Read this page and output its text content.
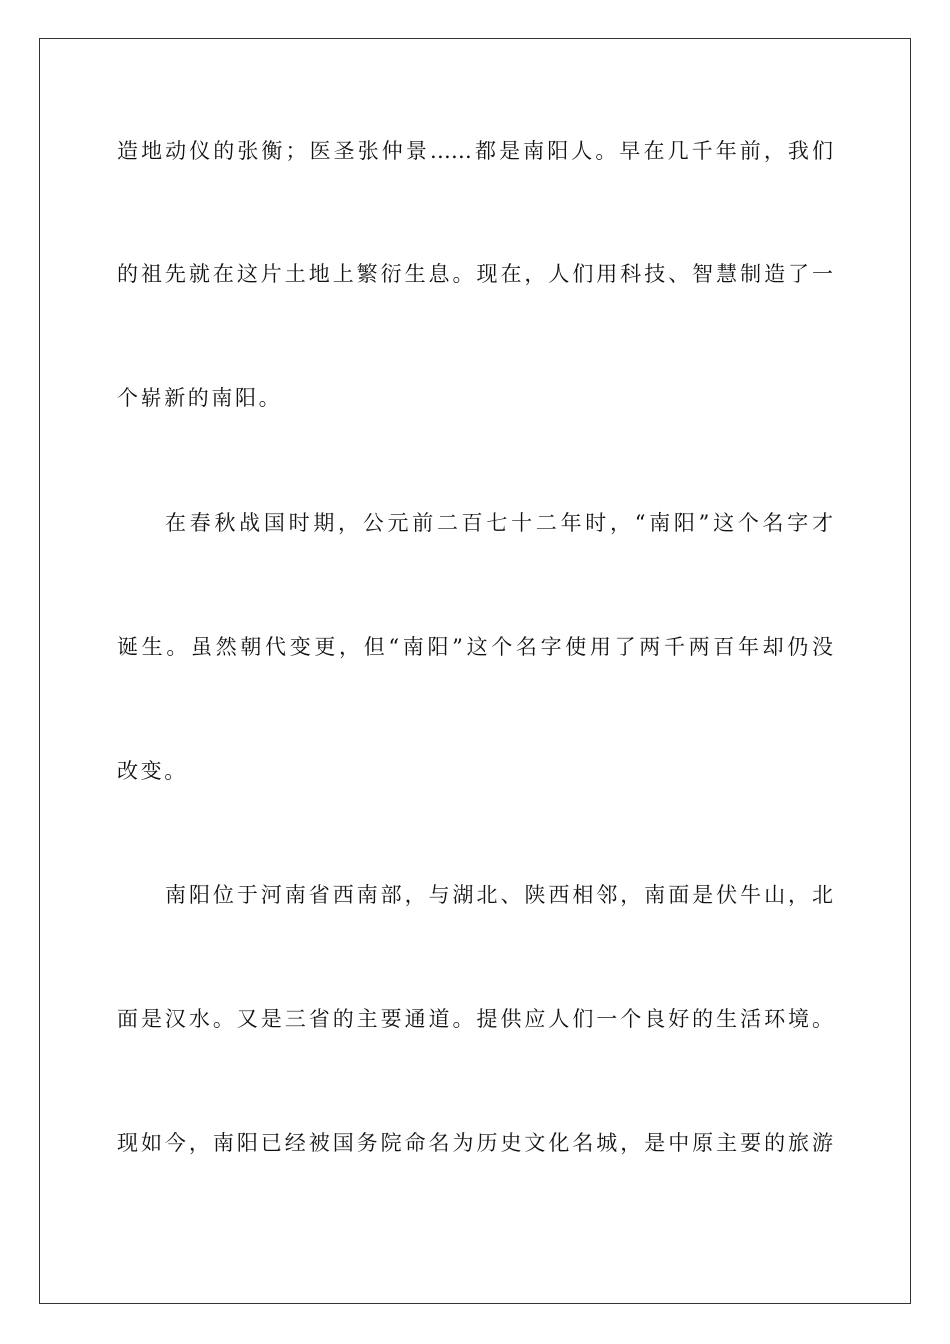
造地动仪的张衡；医圣张仲景……都是南阳人。早在几千年前，我们
的祖先就在这片土地上繁衍生息。现在，人们用科技、智慧制造了一
个崭新的南阳。
在春秋战国时期，公元前二百七十二年时，“南阳”这个名字才
诞生。虽然朝代变更，但“南阳”这个名字使用了两千两百年却仍没
改变。
南阳位于河南省西南部，与湖北、陕西相邻，南面是伏牛山，北
面是汉水。又是三省的主要通道。提供应人们一个良好的生活环境。
现如今，南阳已经被国务院命名为历史文化名城，是中原主要的旅游
